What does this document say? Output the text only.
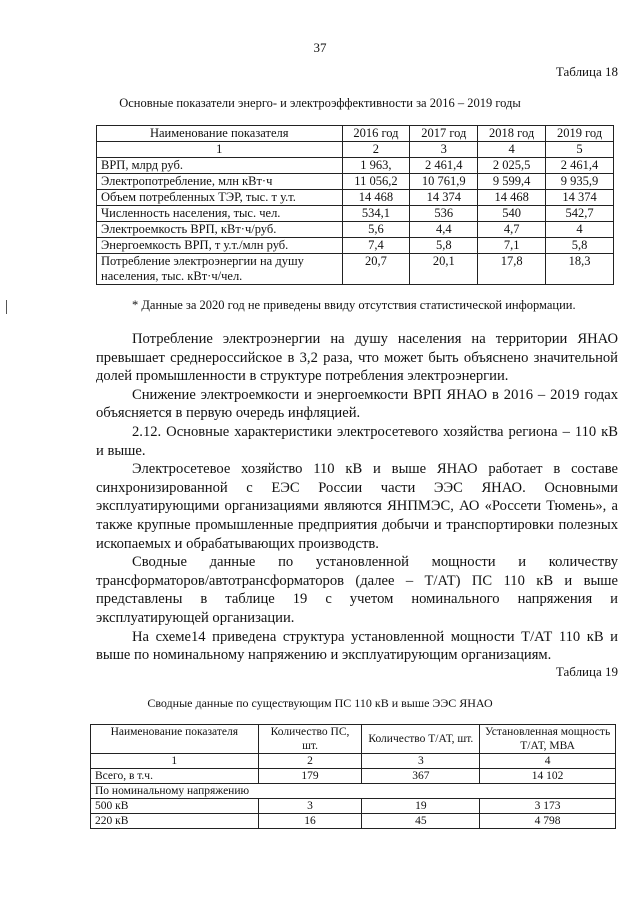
37
Таблица 18
Основные показатели энерго- и электроэффективности за 2016 – 2019 годы
Наименование показателя	2016 год	2017 год	2018 год	2019 год
1	2	3	4	5
ВРП, млрд руб.	1 963,	2 461,4	2 025,5	2 461,4
Электропотребление, млн кВт·ч	11 056,2	10 761,9	9 599,4	9 935,9
Объем потребленных ТЭР, тыс. т у.т.	14 468	14 374	14 468	14 374
Численность населения, тыс. чел.	534,1	536	540	542,7
Электроемкость ВРП, кВт·ч/руб.	5,6	4,4	4,7	4
Энергоемкость ВРП, т у.т./млн руб.	7,4	5,8	7,1	5,8
Потребление электроэнергии на душу населения, тыс. кВт·ч/чел.	20,7	20,1	17,8	18,3
* Данные за 2020 год не приведены ввиду отсутствия статистической информации.

Потребление электроэнергии на душу населения на территории ЯНАО превышает среднероссийское в 3,2 раза, что может быть объяснено значительной долей промышленности в структуре потребления электроэнергии.

Снижение электроемкости и энергоемкости ВРП ЯНАО в 2016 – 2019 годах объясняется в первую очередь инфляцией.

2.12. Основные характеристики электросетевого хозяйства региона – 110 кВ и выше.

Электросетевое хозяйство 110 кВ и выше ЯНАО работает в составе синхронизированной с ЕЭС России части ЭЭС ЯНАО. Основными эксплуатирующими организациями являются ЯНПМЭС, АО «Россети Тюмень», а также крупные промышленные предприятия добычи и транспортировки полезных ископаемых и обрабатывающих производств.

Сводные данные по установленной мощности и количеству трансформаторов/автотрансформаторов (далее – Т/АТ) ПС 110 кВ и выше представлены в таблице 19 с учетом номинального напряжения и эксплуатирующей организации.

На схеме14 приведена структура установленной мощности Т/АТ 110 кВ и выше по номинальному напряжению и эксплуатирующим организациям.

Таблица 19
Сводные данные по существующим ПС 110 кВ и выше ЭЭС ЯНАО
Наименование показателя	Количество ПС, шт.	Количество Т/АТ, шт.	Установленная мощность Т/АТ, МВА
1	2	3	4
Всего, в т.ч.	179	367	14 102
По номинальному напряжению			
500 кВ	3	19	3 173
220 кВ	16	45	4 798
